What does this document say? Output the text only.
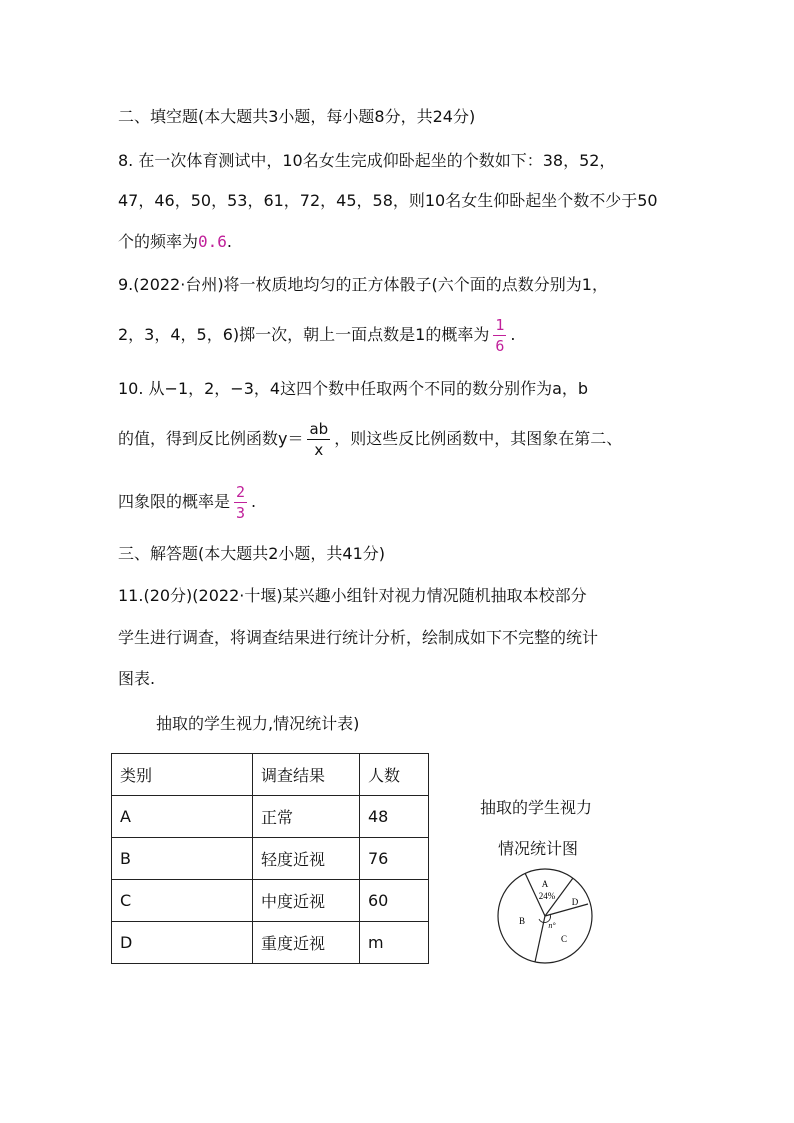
二、填空题(本大题共3小题，每小题8分，共24分)
8. 在一次体育测试中，10名女生完成仰卧起坐的个数如下：38，52，
47，46，50，53，61，72，45，58，则10名女生仰卧起坐个数不少于50
个的频率为0.6.
9.(2022·台州)将一枚质地均匀的正方体骰子(六个面的点数分别为1，
2，3，4，5，6)掷一次，朝上一面点数是1的概率为 $\frac{1}{6}$ .
10. 从−1，2，−3，4这四个数中任取两个不同的数分别作为a，b
的值，得到反比例函数$y= \frac{ab}{x}$ ，则这些反比例函数中，其图象在第二、
四象限的概率是 $\frac{2}{3}$ .
三、解答题(本大题共2小题，共41分)
11.(20分)(2022·十堰)某兴趣小组针对视力情况随机抽取本校部分
学生进行调查，将调查结果进行统计分析，绘制成如下不完整的统计
图表.
抽取的学生视力,情况统计表)
类别	调查结果	人数
A	正常	48
B	轻度近视	76
C	中度近视	60
D	重度近视	m
抽取的学生视力
情况统计图
A
24%
D
B
C
n°
